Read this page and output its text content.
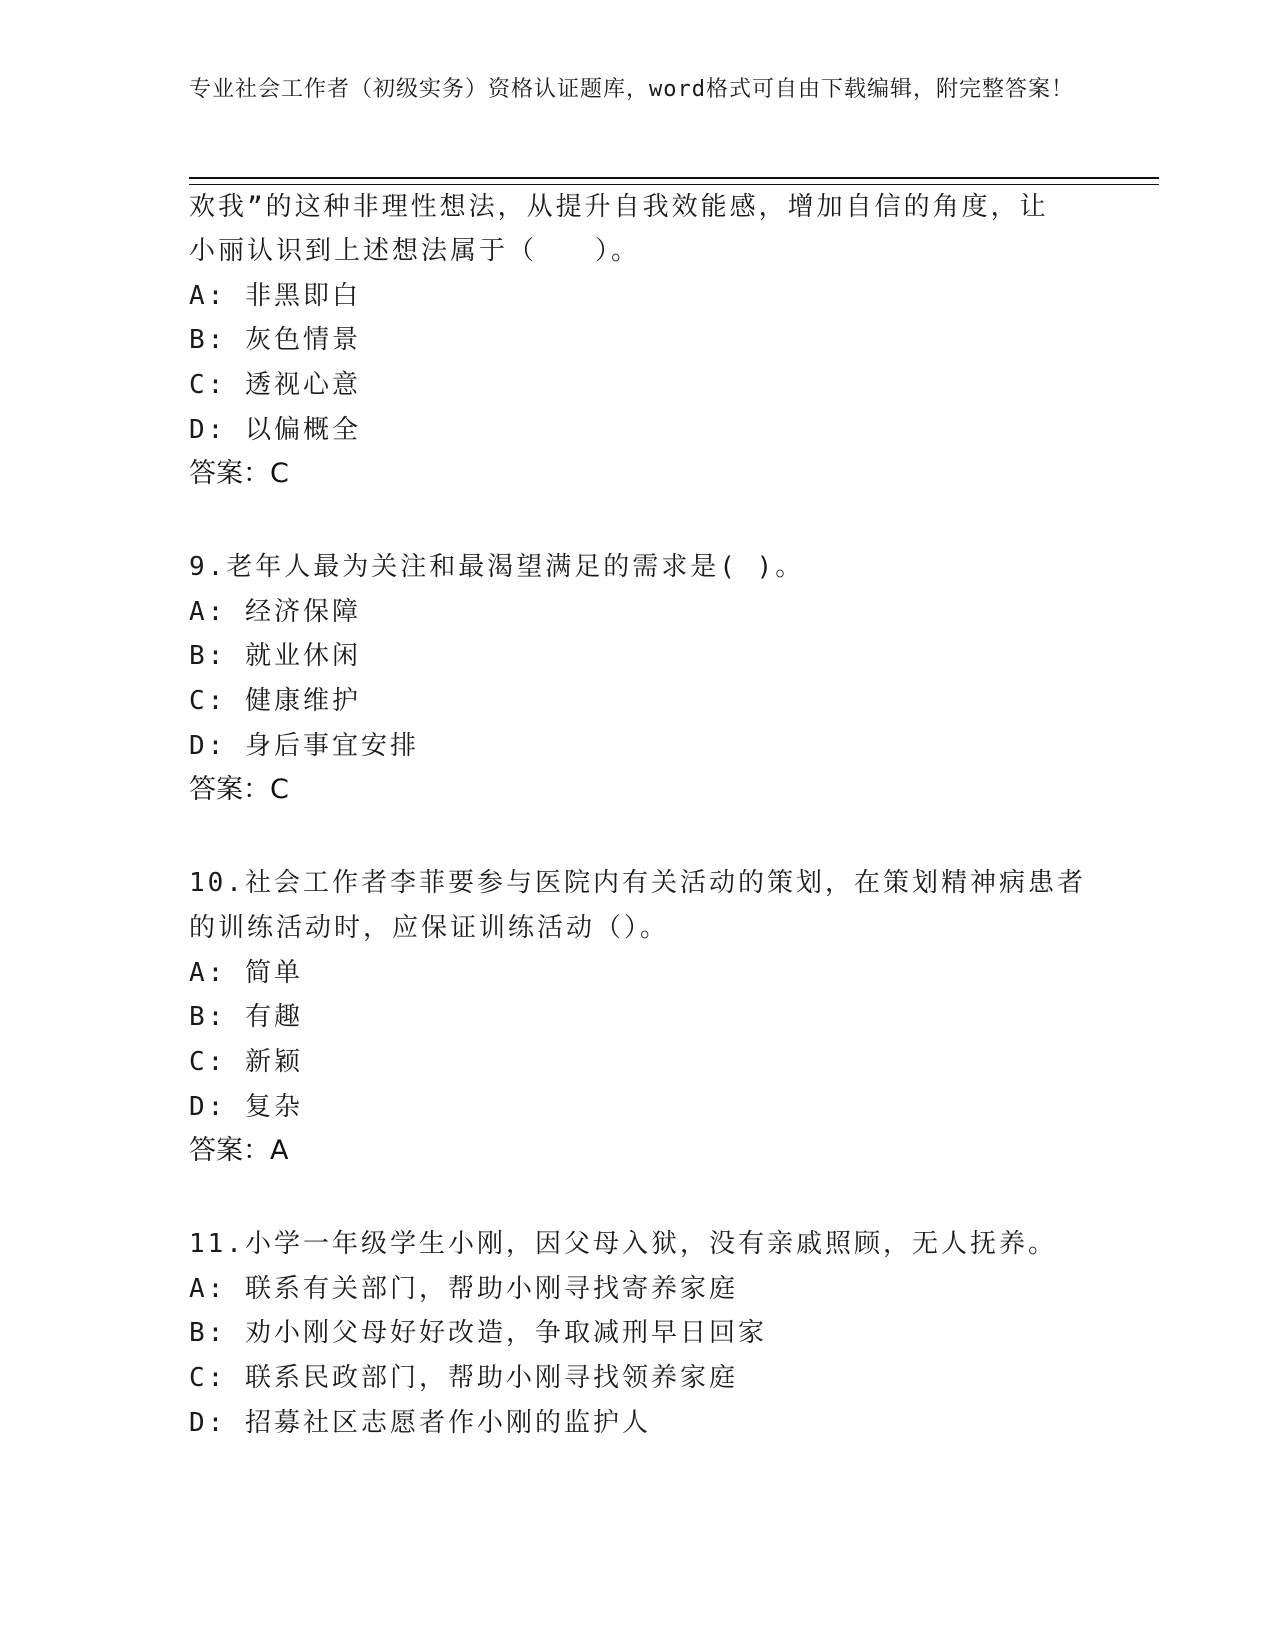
专业社会工作者（初级实务）资格认证题库，word格式可自由下载编辑，附完整答案！
欢我”的这种非理性想法，从提升自我效能感，增加自信的角度，让
小丽认识到上述想法属于（　　）。
A: 非黑即白
B: 灰色情景
C: 透视心意
D: 以偏概全
答案：C
9.老年人最为关注和最渴望满足的需求是( )。
A: 经济保障
B: 就业休闲
C: 健康维护
D: 身后事宜安排
答案：C
10.社会工作者李菲要参与医院内有关活动的策划，在策划精神病患者
的训练活动时，应保证训练活动（）。
A: 简单
B: 有趣
C: 新颖
D: 复杂
答案：A
11.小学一年级学生小刚，因父母入狱，没有亲戚照顾，无人抚养。
A: 联系有关部门，帮助小刚寻找寄养家庭
B: 劝小刚父母好好改造，争取减刑早日回家
C: 联系民政部门，帮助小刚寻找领养家庭
D: 招募社区志愿者作小刚的监护人
